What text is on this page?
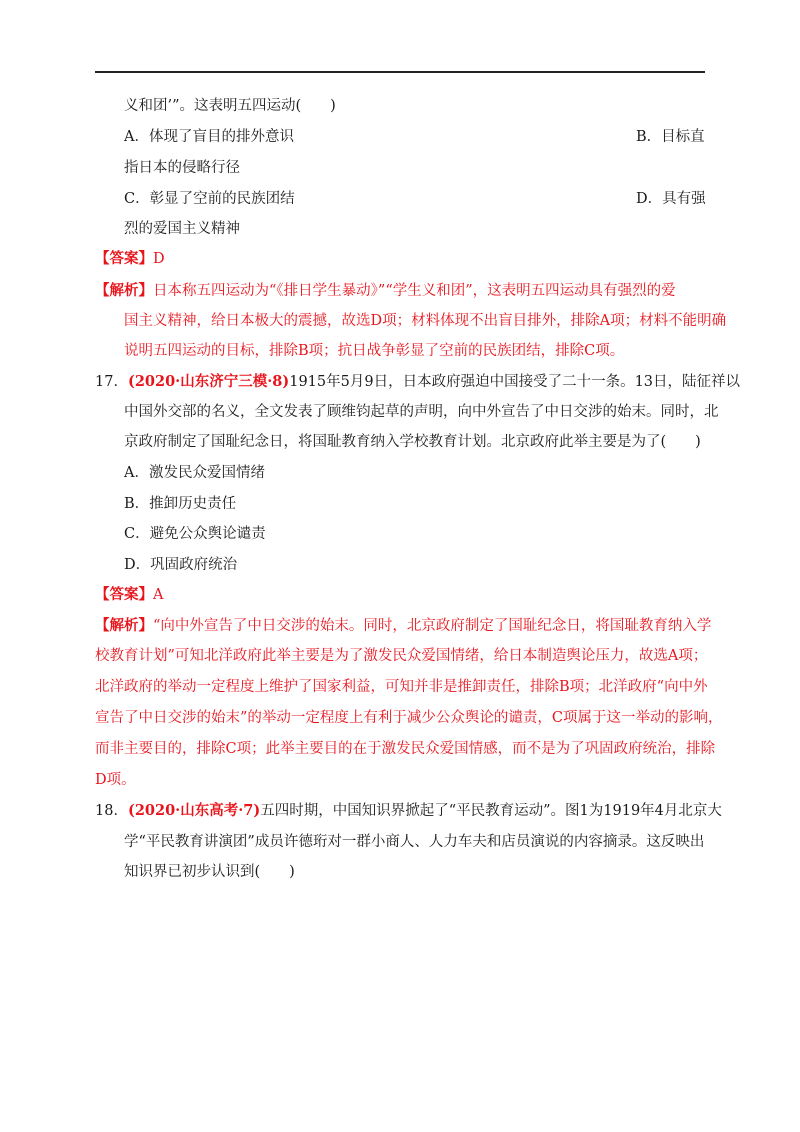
义和团’”。这表明五四运动(　　)
A．体现了盲目的排外意识	B．目标直
指日本的侵略行径
C．彰显了空前的民族团结	D．具有强
烈的爱国主义精神
【答案】D
【解析】日本称五四运动为“《排日学生暴动》”“学生义和团”，这表明五四运动具有强烈的爱
国主义精神，给日本极大的震撼，故选D项；材料体现不出盲目排外，排除A项；材料不能明确
说明五四运动的目标，排除B项；抗日战争彰显了空前的民族团结，排除C项。
17．(2020·山东济宁三模·8)1915年5月9日，日本政府强迫中国接受了二十一条。13日，陆征祥以
中国外交部的名义，全文发表了顾维钧起草的声明，向中外宣告了中日交涉的始末。同时，北
京政府制定了国耻纪念日，将国耻教育纳入学校教育计划。北京政府此举主要是为了(　　)
A．激发民众爱国情绪
B．推卸历史责任
C．避免公众舆论谴责
D．巩固政府统治
【答案】A
【解析】“向中外宣告了中日交涉的始末。同时，北京政府制定了国耻纪念日，将国耻教育纳入学
校教育计划”可知北洋政府此举主要是为了激发民众爱国情绪，给日本制造舆论压力，故选A项；
北洋政府的举动一定程度上维护了国家利益，可知并非是推卸责任，排除B项；北洋政府“向中外
宣告了中日交涉的始末”的举动一定程度上有利于减少公众舆论的谴责，C项属于这一举动的影响，
而非主要目的，排除C项；此举主要目的在于激发民众爱国情感，而不是为了巩固政府统治，排除
D项。
18．(2020·山东高考·7)五四时期，中国知识界掀起了“平民教育运动”。图1为1919年4月北京大
学“平民教育讲演团”成员许德珩对一群小商人、人力车夫和店员演说的内容摘录。这反映出
知识界已初步认识到(　　)
